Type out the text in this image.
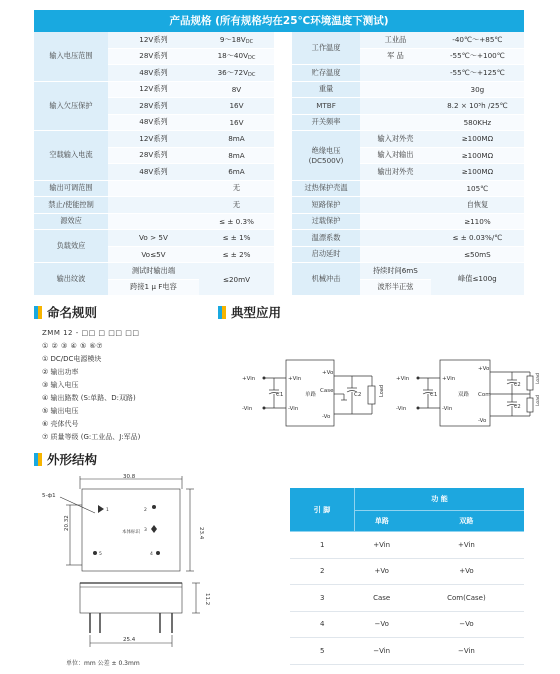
产品规格 (所有规格均在25℃环境温度下测试)
输入电压范围	12V系列	$9\sim 18V_{DC}$
	28V系列	$18\sim 40V_{DC}$
	48V系列	$36\sim 72V_{DC}$
输入欠压保护	12V系列	8V
	28V系列	16V
	48V系列	16V
空载输入电流	12V系列	8mA
	28V系列	8mA
	48V系列	6mA
输出可调范围		无
禁止/使能控制		无
源效应		≤ ± 0.3%
负载效应	Vo > 5V	≤ ± 1%
	Vo≤5V	≤ ± 2%
输出纹波	测试时输出端	≤20mV
	跨接1 μ F电容	
工作温度	工业品	-40℃～+85℃
	军 品	-55℃～+100℃
贮存温度		-55℃～+125℃
重量		30g
MTBF		8.2 × 10⁵h /25℃
开关频率		580KHz

绝缘电压
(DC500V)	输入对外壳	≥100MΩ
	输入对输出	≥100MΩ
	输出对外壳	≥100MΩ
过热保护壳温		105℃
短路保护		自恢复
过载保护		≥110%
温漂系数		≤ ± 0.03%/℃
启动延时		≤50mS
机械冲击	持续时间6mS	峰值≤100g
	波形半正弦	
命名规则
ZMM 12 - □□ □ □□ □□
① ② ③ ④ ⑤ ⑥⑦
① DC/DC电源模块
② 输出功率
③ 输入电压
④ 输出路数 (S:单路、D:双路)
⑤ 输出电压
⑥ 壳体代号
⑦ 质量等级 (G:工业品、J:军品)
典型应用
+Vin
-Vin
+Vin
-Vin
单路
+Vo
-Vo
Case
C1	C2	Load
+Vin
-Vin
+Vin
-Vin
双路
+Vo
Com
-Vo
C1
C2
C2
Load
Load
外形结构
30.8
20.32
23.4
5-ф1
11.2
25.4
本体标识
1	2
3
5	4
单位：mm 公差 ± 0.3mm
引 脚	功 能	
	单路	双路
1	+Vin	+Vin
2	+Vo	+Vo
3	Case	Com(Case)
4	−Vo	−Vo
5	−Vin	−Vin
